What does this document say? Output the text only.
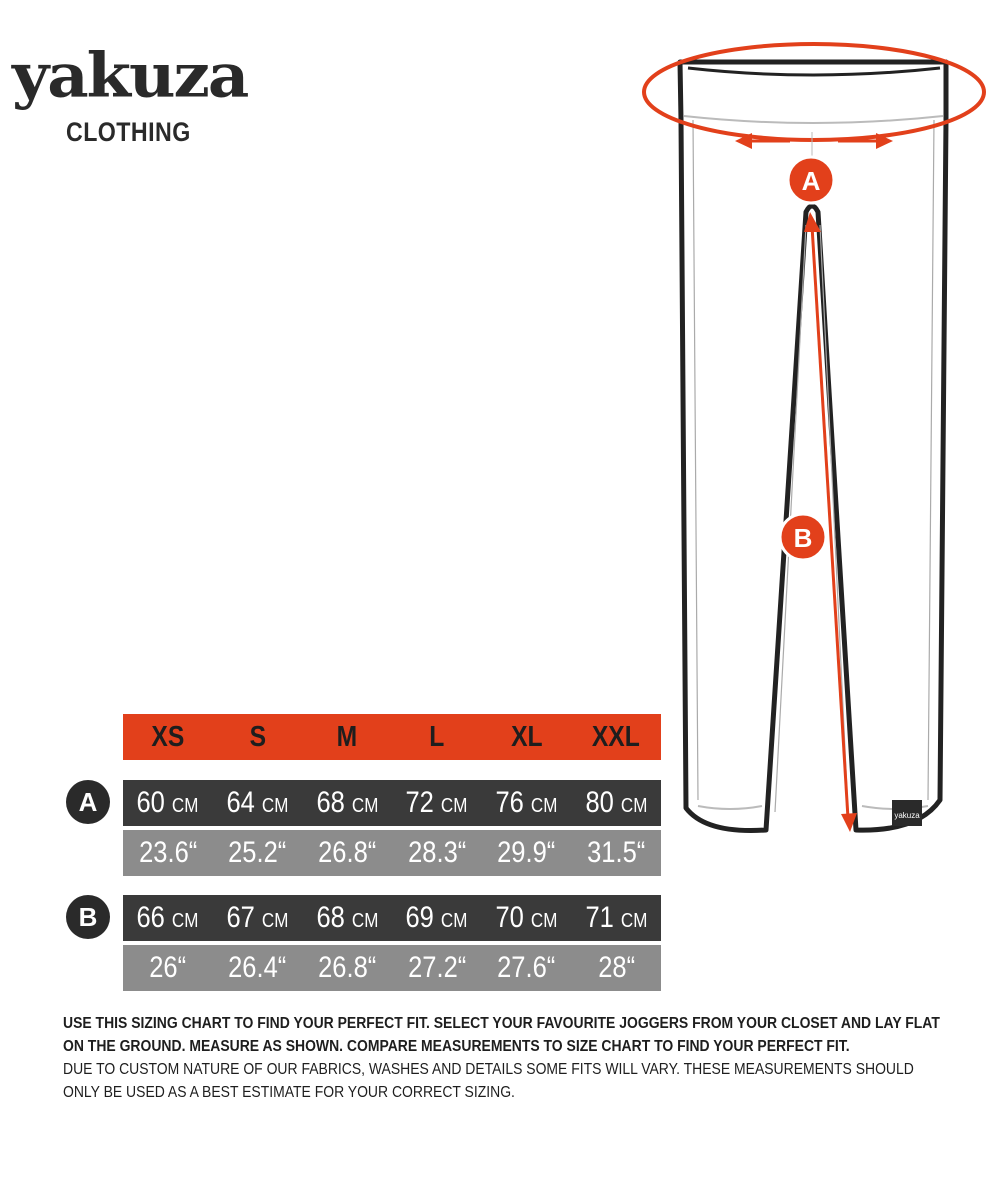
yakuza
CLOTHING
yakuza
A
B
XS	S	M	L	XL	XXL
A	60 CM 64 CM 68 CM 72 CM 76 CM 80 CM
23.6“ 25.2“ 26.8“ 28.3“ 29.9“ 31.5“
B	66 CM 67 CM 68 CM 69 CM 70 CM 71 CM
26“ 26.4“ 26.8“ 27.2“ 27.6“ 28“

USE THIS SIZING CHART TO FIND YOUR PERFECT FIT. SELECT YOUR FAVOURITE JOGGERS FROM YOUR CLOSET AND LAY FLAT ON THE GROUND. MEASURE AS SHOWN. COMPARE MEASUREMENTS TO SIZE CHART TO FIND YOUR PERFECT FIT.

DUE TO CUSTOM NATURE OF OUR FABRICS, WASHES AND DETAILS SOME FITS WILL VARY. THESE MEASUREMENTS SHOULD ONLY BE USED AS A BEST ESTIMATE FOR YOUR CORRECT SIZING.
